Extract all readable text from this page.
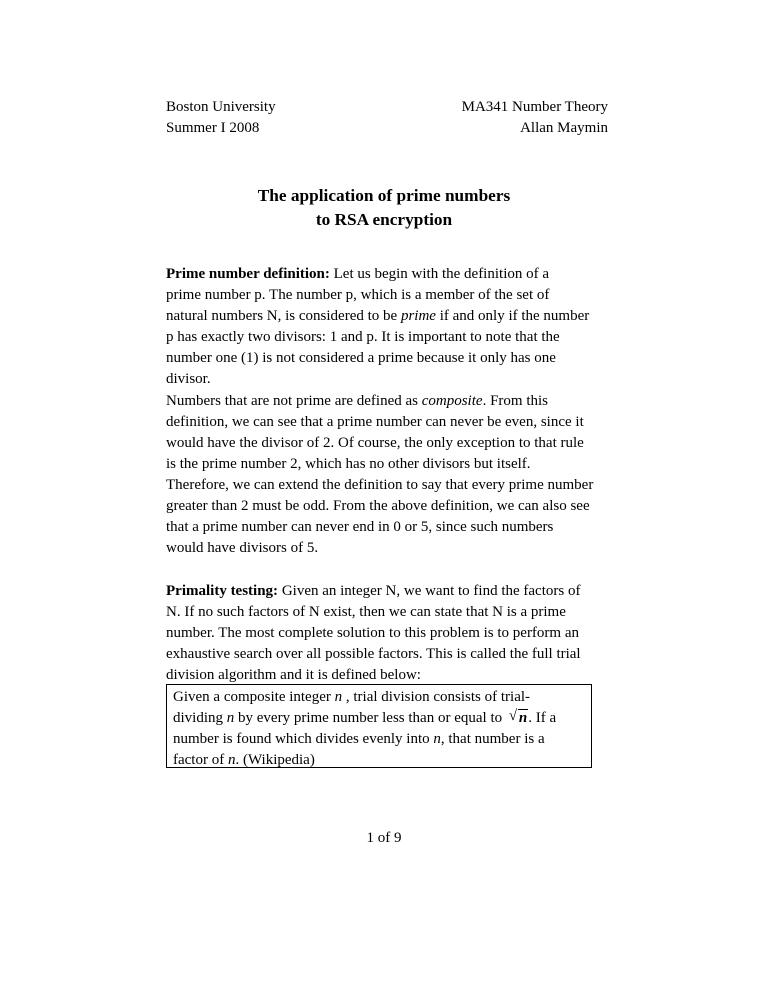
Boston University
Summer I 2008
MA341 Number Theory
Allan Maymin
The application of prime numbers
to RSA encryption

Prime number definition: Let us begin with the definition of a
prime number p. The number p, which is a member of the set of
natural numbers N, is considered to be prime if and only if the number
p has exactly two divisors: 1 and p. It is important to note that the
number one (1) is not considered a prime because it only has one
divisor.

Numbers that are not prime are defined as composite. From this
definition, we can see that a prime number can never be even, since it
would have the divisor of 2. Of course, the only exception to that rule
is the prime number 2, which has no other divisors but itself.
Therefore, we can extend the definition to say that every prime number
greater than 2 must be odd. From the above definition, we can also see
that a prime number can never end in 0 or 5, since such numbers
would have divisors of 5.

Primality testing: Given an integer N, we want to find the factors of
N. If no such factors of N exist, then we can state that N is a prime
number. The most complete solution to this problem is to perform an
exhaustive search over all possible factors. This is called the full trial
division algorithm and it is defined below:

Given a composite integer n , trial division consists of trial-

dividing n by every prime number less than or equal to √ n. If a

number is found which divides evenly into n, that number is a

factor of n. (Wikipedia)

1 of 9
